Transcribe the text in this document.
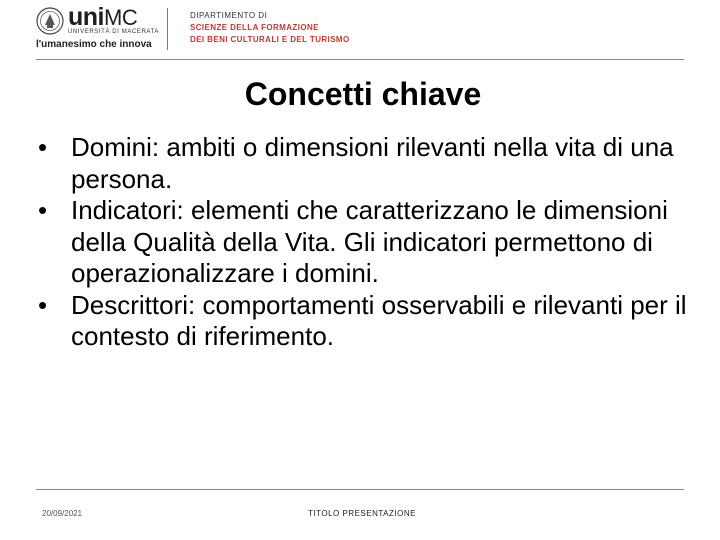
uniMC
UNIVERSITÀ DI MACERATA
l'umanesimo che innova
DIPARTIMENTO DI
SCIENZE DELLA FORMAZIONE
DEI BENI CULTURALI E DEL TURISMO
Concetti chiave
• Domini: ambiti o dimensioni rilevanti nella vita di una persona.
• Indicatori: elementi che caratterizzano le dimensioni della Qualità della Vita. Gli indicatori permettono di operazionalizzare i domini.
• Descrittori: comportamenti osservabili e rilevanti per il contesto di riferimento.
20/09/2021	TITOLO PRESENTAZIONE
